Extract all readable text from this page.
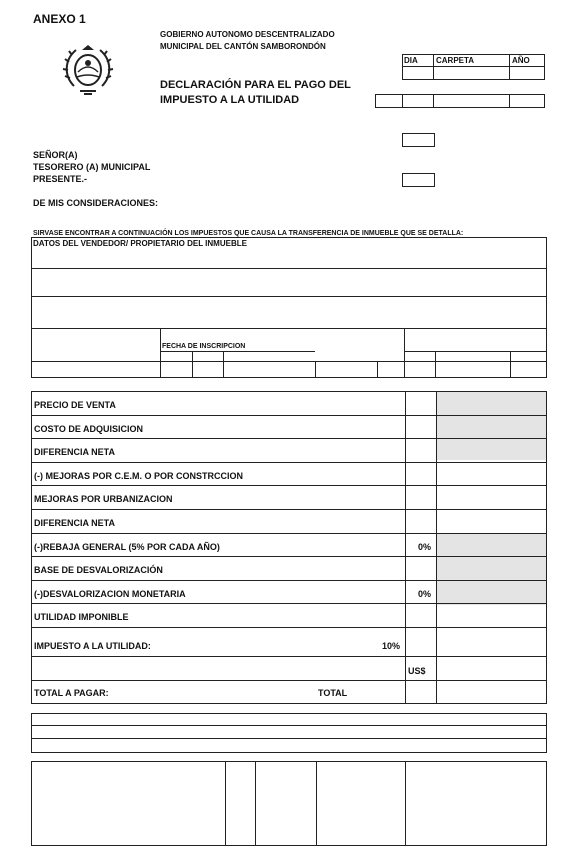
ANEXO 1
GOBIERNO AUTONOMO DESCENTRALIZADO
MUNICIPAL DEL CANTÓN SAMBORONDÓN
DECLARACIÓN PARA EL PAGO DEL
IMPUESTO A LA UTILIDAD
DIA CARPETA	AÑO
SEÑOR(A)
TESORERO (A) MUNICIPAL
PRESENTE.-
DE MIS CONSIDERACIONES:
SIRVASE ENCONTRAR A CONTINUACIÓN LOS IMPUESTOS QUE CAUSA LA TRANSFERENCIA DE INMUEBLE QUE SE DETALLA:
DATOS DEL VENDEDOR/ PROPIETARIO DEL INMUEBLE
FECHA DE INSCRIPCION
PRECIO DE VENTA
COSTO DE ADQUISICION
DIFERENCIA NETA
(-) MEJORAS POR C.E.M. O POR CONSTRCCION
MEJORAS POR URBANIZACION
DIFERENCIA NETA
(-)REBAJA GENERAL (5% POR CADA AÑO)	0%
BASE DE DESVALORIZACIÓN
(-)DESVALORIZACION MONETARIA	0%
UTILIDAD IMPONIBLE
IMPUESTO A LA UTILIDAD:	10%
US$
TOTAL A PAGAR:	TOTAL
